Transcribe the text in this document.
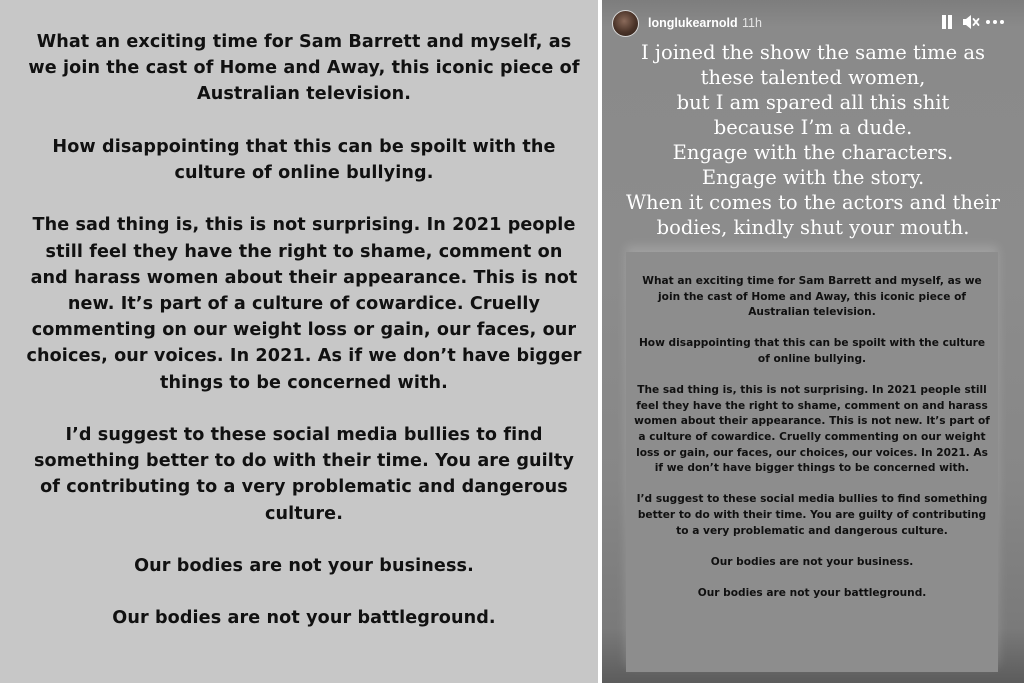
What an exciting time for Sam Barrett and myself, as we join the cast of Home and Away, this iconic piece of Australian television.

How disappointing that this can be spoilt with the culture of online bullying.

The sad thing is, this is not surprising. In 2021 people still feel they have the right to shame, comment on and harass women about their appearance. This is not new. It’s part of a culture of cowardice. Cruelly commenting on our weight loss or gain, our faces, our choices, our voices. In 2021. As if we don’t have bigger things to be concerned with.

I’d suggest to these social media bullies to find something better to do with their time. You are guilty of contributing to a very problematic and dangerous culture.

Our bodies are not your business.

Our bodies are not your battleground.

longlukearnold 11h
I joined the show the same time as
these talented women,
but I am spared all this shit
because I’m a dude.
Engage with the characters.
Engage with the story.
When it comes to the actors and their
bodies, kindly shut your mouth.

What an exciting time for Sam Barrett and myself, as we join the cast of Home and Away, this iconic piece of Australian television.

How disappointing that this can be spoilt with the culture of online bullying.

The sad thing is, this is not surprising. In 2021 people still feel they have the right to shame, comment on and harass women about their appearance. This is not new. It’s part of a culture of cowardice. Cruelly commenting on our weight loss or gain, our faces, our choices, our voices. In 2021. As if we don’t have bigger things to be concerned with.

I’d suggest to these social media bullies to find something better to do with their time. You are guilty of contributing to a very problematic and dangerous culture.

Our bodies are not your business.

Our bodies are not your battleground.
